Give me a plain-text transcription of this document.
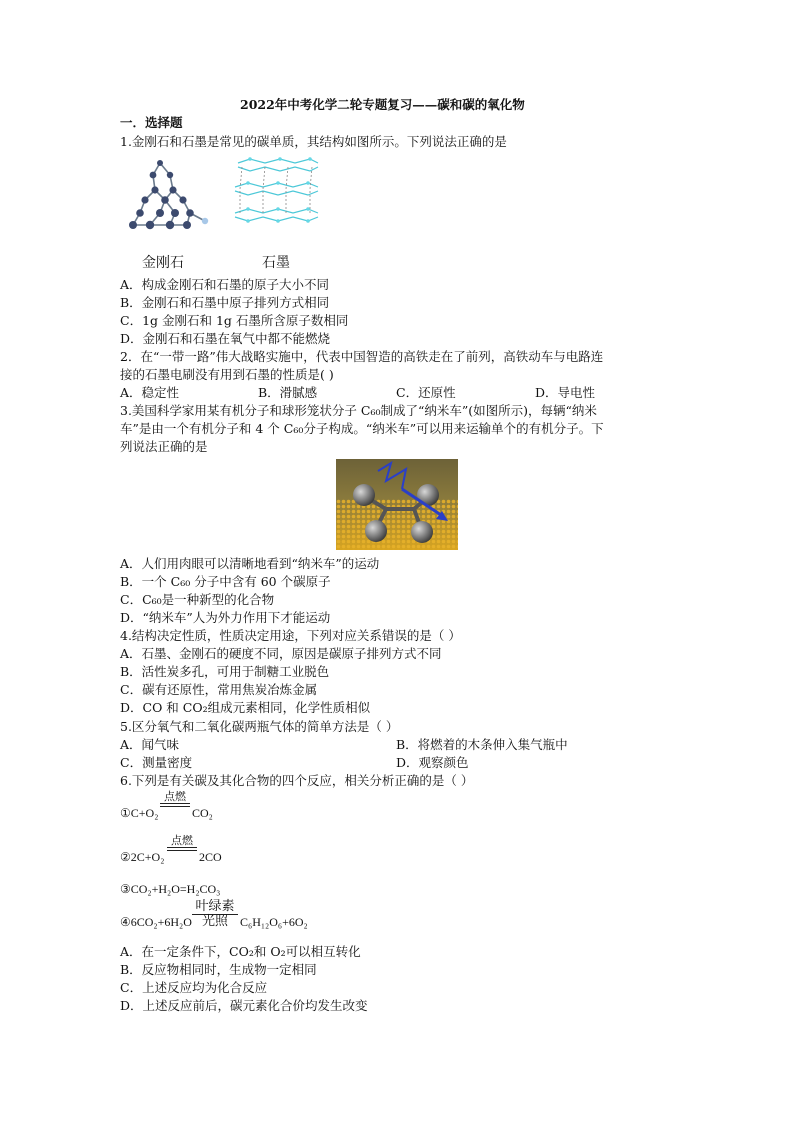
2022年中考化学二轮专题复习——碳和碳的氧化物
一．选择题
1.金刚石和石墨是常见的碳单质，其结构如图所示。下列说法正确的是
金刚石	石墨
A．构成金刚石和石墨的原子大小不同
B．金刚石和石墨中原子排列方式相同
C．1g 金刚石和 1g 石墨所含原子数相同
D．金刚石和石墨在氧气中都不能燃烧
2．在“一带一路”伟大战略实施中，代表中国智造的高铁走在了前列，高铁动车与电路连
接的石墨电刷没有用到石墨的性质是( )
A．稳定性	B．滑腻感	C．还原性	D．导电性
3.美国科学家用某有机分子和球形笼状分子 C₆₀制成了“纳米车”(如图所示)，每辆“纳米
车”是由一个有机分子和 4 个 C₆₀分子构成。“纳米车”可以用来运输单个的有机分子。下
列说法正确的是
A．人们用肉眼可以清晰地看到“纳米车”的运动
B．一个 C₆₀ 分子中含有 60 个碳原子
C．C₆₀是一种新型的化合物
D．“纳米车”人为外力作用下才能运动
4.结构决定性质，性质决定用途，下列对应关系错误的是（ ）
A．石墨、金刚石的硬度不同，原因是碳原子排列方式不同
B．活性炭多孔，可用于制糖工业脱色
C．碳有还原性，常用焦炭冶炼金属
D．CO 和 CO₂组成元素相同，化学性质相似
5.区分氧气和二氧化碳两瓶气体的简单方法是（ ）
A．闻气味	B．将燃着的木条伸入集气瓶中
C．测量密度	D．观察颜色
6.下列是有关碳及其化合物的四个反应，相关分析正确的是（ ）
①C+O₂
点燃
CO₂
②2C+O₂
点燃
2CO
③CO₂+H₂O=H₂CO₃
④6CO₂+6H₂O
叶绿素
光照	C₆H₁₂O₆+6O₂
A．在一定条件下，CO₂和 O₂可以相互转化
B．反应物相同时，生成物一定相同
C．上述反应均为化合反应
D．上述反应前后，碳元素化合价均发生改变
